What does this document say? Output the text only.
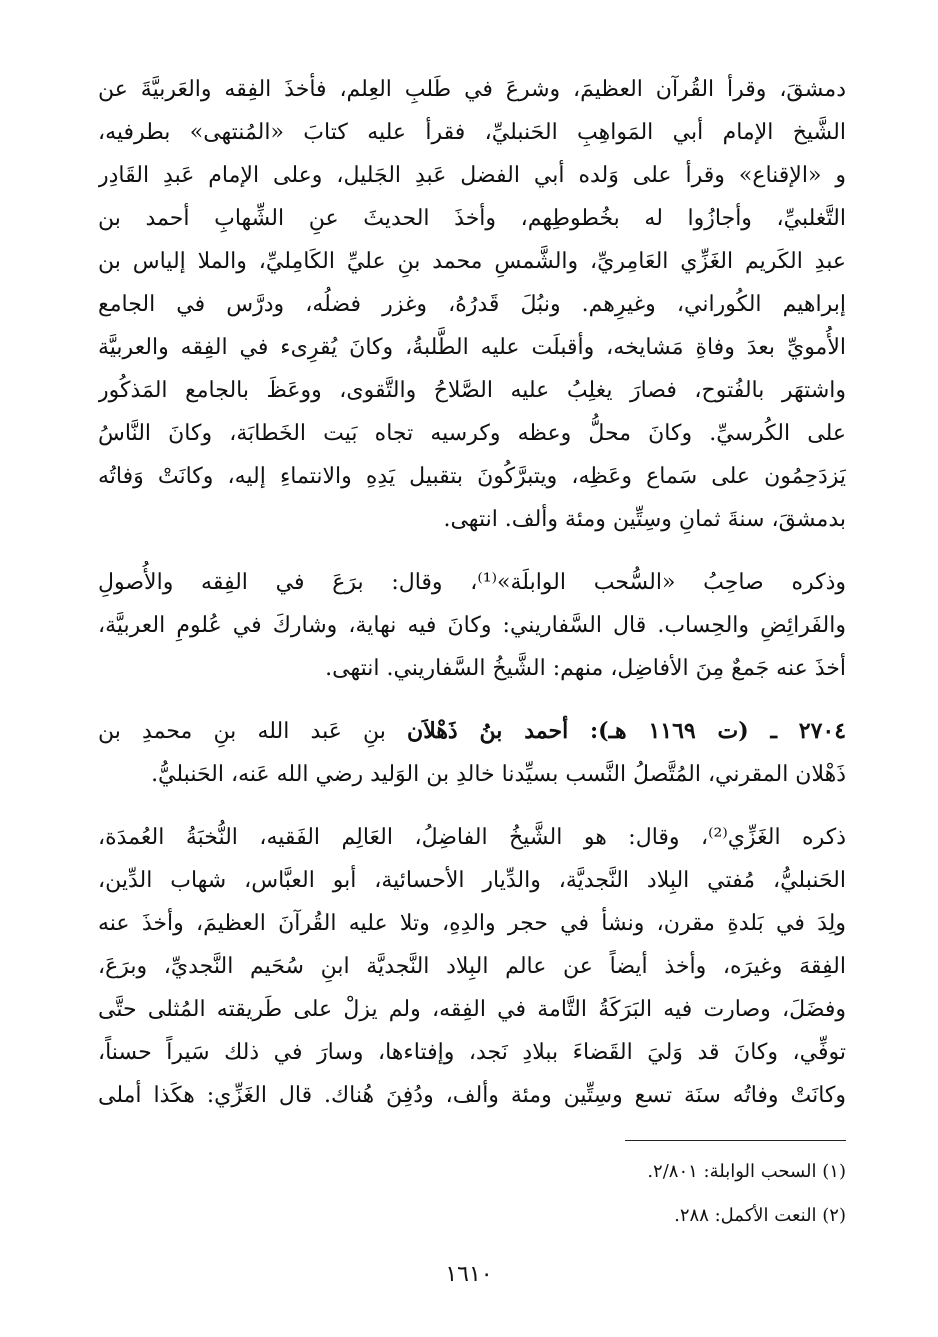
دمشقَ، وقرأ القُرآن العظيمَ، وشرعَ في طَلبِ العِلم، فأخذَ الفِقه والعَربيَّةَ عن
الشَّيخ الإمام أبي المَواهِبِ الحَنبليِّ، فقرأ عليه كتابَ «المُنتهى» بطرفيه،
و «الإقناع» وقرأ على وَلده أبي الفضل عَبدِ الجَليل، وعلى الإمام عَبدِ القَادِر
التَّغلبيِّ، وأجازُوا له بخُطوطِهم، وأخذَ الحديثَ عنِ الشِّهابِ أحمد بن
عبدِ الكَريم الغَزِّي العَامِريِّ، والشَّمسِ محمد بنِ عليِّ الكَامِليِّ، والملا إلياس بن
إبراهيم الكُوراني، وغيرِهم. ونبُلَ قَدرُهُ، وغزر فضلُه، ودرَّس في الجامع
الأُمويِّ بعدَ وفاةِ مَشايخه، وأقبلَت عليه الطَّلبةُ، وكانَ يُقرِىء في الفِقه والعربيَّة
واشتهَر بالفُتوح، فصارَ يغلِبُ عليه الصَّلاحُ والتَّقوى، ووعَظَ بالجامع المَذكُور
على الكُرسيِّ. وكانَ محلُّ وعظه وكرسيه تجاه بَيت الخَطابَة، وكانَ النَّاسُ
يَزدَحِمُون على سَماع وعَظِه، ويتبرَّكُونَ بتقبيل يَدِهِ والانتماءِ إليه، وكانَتْ وَفاتُه
بدمشقَ، سنةَ ثمانِ وسِتِّين ومئة وألف. انتهى.
وذكره صاحِبُ «السُّحب الوابلَة»⁽¹⁾، وقال: برَعَ في الفِقه والأُصولِ
والفَرائِضِ والحِساب. قال السَّفاريني: وكانَ فيه نهاية، وشاركَ في عُلومِ العربيَّة،
أخذَ عنه جَمعٌ مِنَ الأفاضِل، منهم: الشَّيخُ السَّفاريني. انتهى.
٢٧٠٤ ـ (ت ١١٦٩ هـ): أحمد بنُ ذَهْلاَن بنِ عَبد الله بنِ محمدِ بن
ذَهْلان المقرني، المُتَّصلُ النَّسب بسيِّدنا خالدِ بن الوَليد رضي الله عَنه، الحَنبليُّ.
ذكره الغَزِّي⁽²⁾، وقال: هو الشَّيخُ الفاضِلُ، العَالِم الفَقيه، النُّخبَةُ العُمدَة،
الحَنبليُّ، مُفتي البِلاد النَّجديَّة، والدِّيار الأحسائية، أبو العبَّاس، شهاب الدِّين،
ولِدَ في بَلدةِ مقرن، ونشأ في حجر والدِهِ، وتلا عليه القُرآنَ العظيمَ، وأخذَ عنه
الفِقهَ وغيرَه، وأخذ أيضاً عن عالم البِلاد النَّجديَّة ابنِ سُحَيم النَّجديِّ، وبرَعَ،
وفضَلَ، وصارت فيه البَرَكَةُ التَّامة في الفِقه، ولم يزلْ على طَريقته المُثلى حتَّى
توفِّي، وكانَ قد وَليَ القَضاءَ ببلادِ نَجد، وإفتاءها، وسارَ في ذلك سَيراً حسناً،
وكانَتْ وفاتُه سنَة تسع وسِتِّين ومئة وألف، ودُفِنَ هُناك. قال الغَزِّي: هكَذا أملى
(١) السحب الوابلة: ٢/٨٠١.
(٢) النعت الأكمل: ٢٨٨.
١٦١٠
